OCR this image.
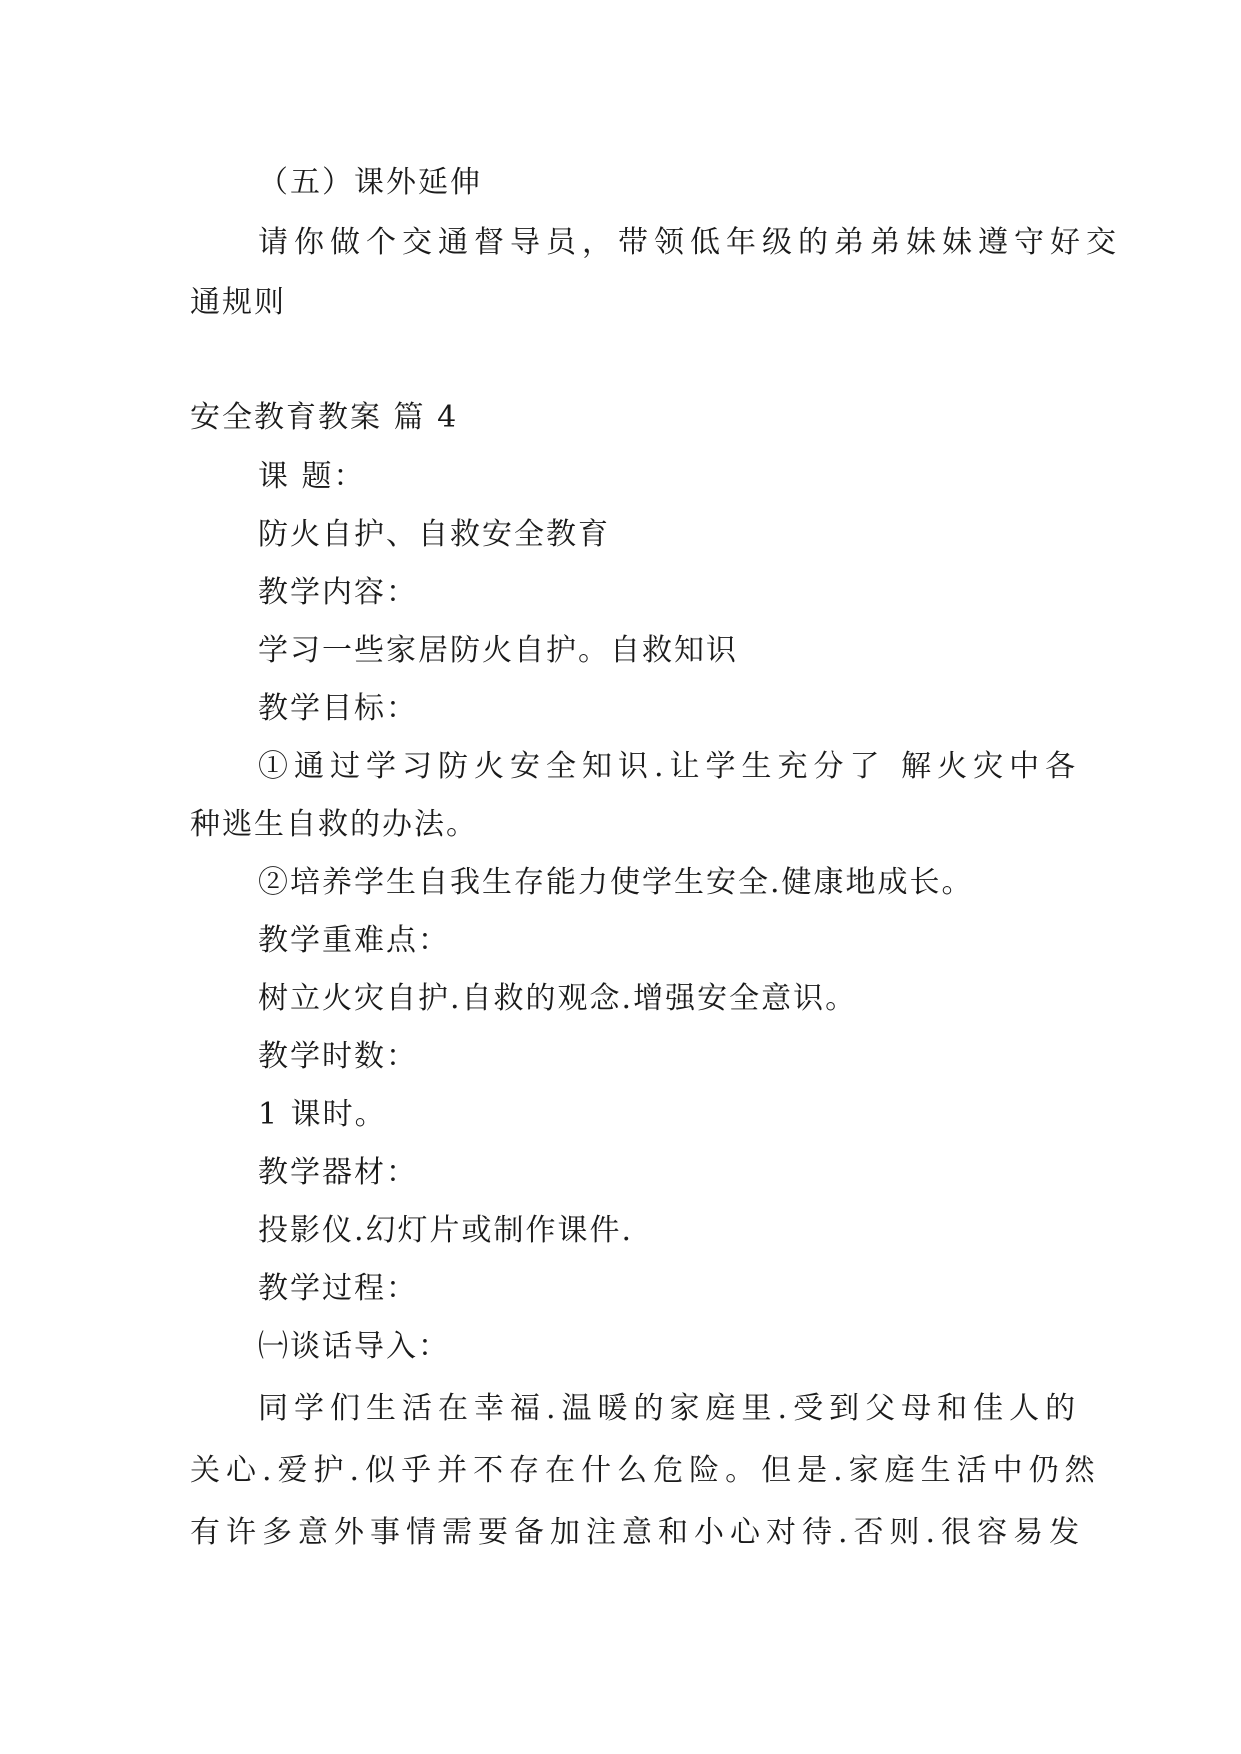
（五）课外延伸
请你做个交通督导员，带领低年级的弟弟妹妹遵守好交
通规则
安全教育教案 篇 4
课 题：
防火自护、自救安全教育
教学内容：
学习一些家居防火自护。自救知识
教学目标：
①通过学习防火安全知识.让学生充分了 解火灾中各
种逃生自救的办法。
②培养学生自我生存能力使学生安全.健康地成长。
教学重难点：
树立火灾自护.自救的观念.增强安全意识。
教学时数：
1 课时。
教学器材：
投影仪.幻灯片或制作课件.
教学过程：
㈠谈话导入：
同学们生活在幸福.温暖的家庭里.受到父母和佳人的
关心.爱护.似乎并不存在什么危险。但是.家庭生活中仍然
有许多意外事情需要备加注意和小心对待.否则.很容易发
